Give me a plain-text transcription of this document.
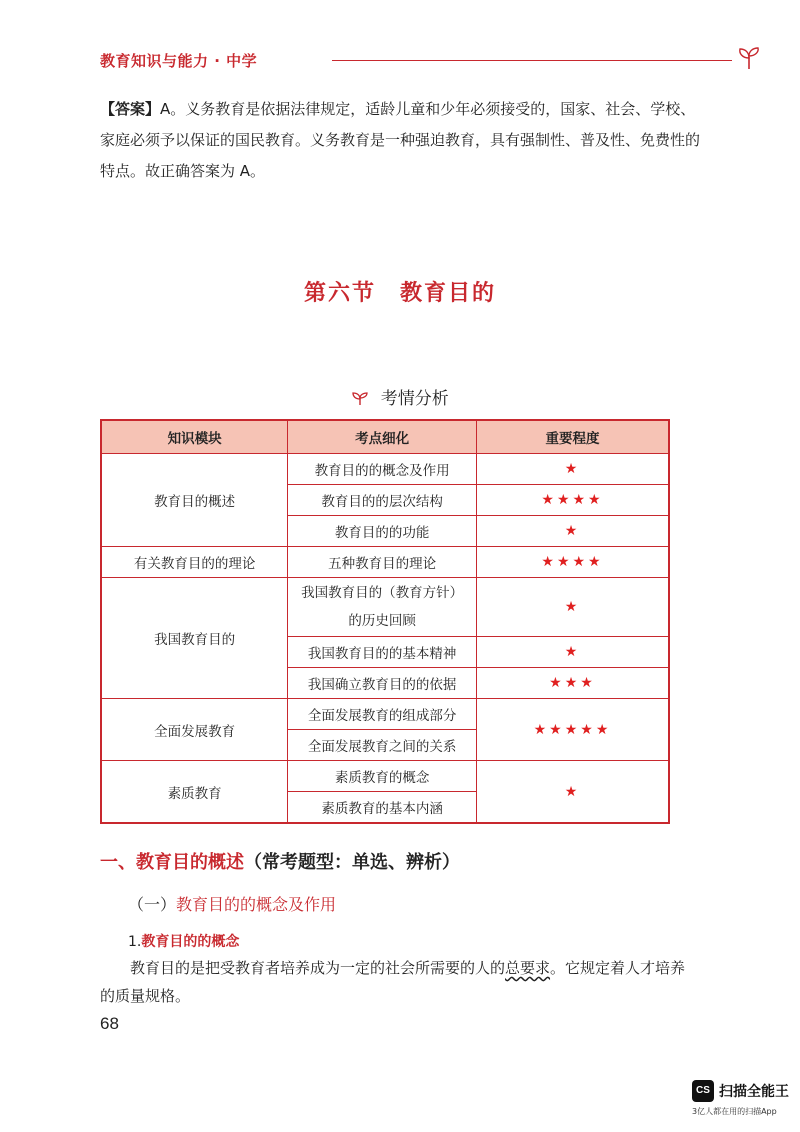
教育知识与能力 · 中学
【答案】A。义务教育是依据法律规定，适龄儿童和少年必须接受的，国家、社会、学校、家庭必须予以保证的国民教育。义务教育是一种强迫教育，具有强制性、普及性、免费性的特点。故正确答案为 A。
第六节　教育目的
考情分析
知识模块	考点细化	重要程度
教育目的概述	教育目的的概念及作用	★
	教育目的的层次结构	★★★★
	教育目的的功能	★
有关教育目的的理论	五种教育目的理论	★★★★
我国教育目的	我国教育目的（教育方针）
的历史回顾	★
	我国教育目的的基本精神	★
	我国确立教育目的的依据	★★★
全面发展教育	全面发展教育的组成部分	★★★★★
	全面发展教育之间的关系	
素质教育	素质教育的概念	★
	素质教育的基本内涵	
一、教育目的概述（常考题型：单选、辨析）
（一）教育目的的概念及作用
1.教育目的的概念
教育目的是把受教育者培养成为一定的社会所需要的人的总要求。它规定着人才培养的质量规格。
68
CS 扫描全能王
3亿人都在用的扫描App
